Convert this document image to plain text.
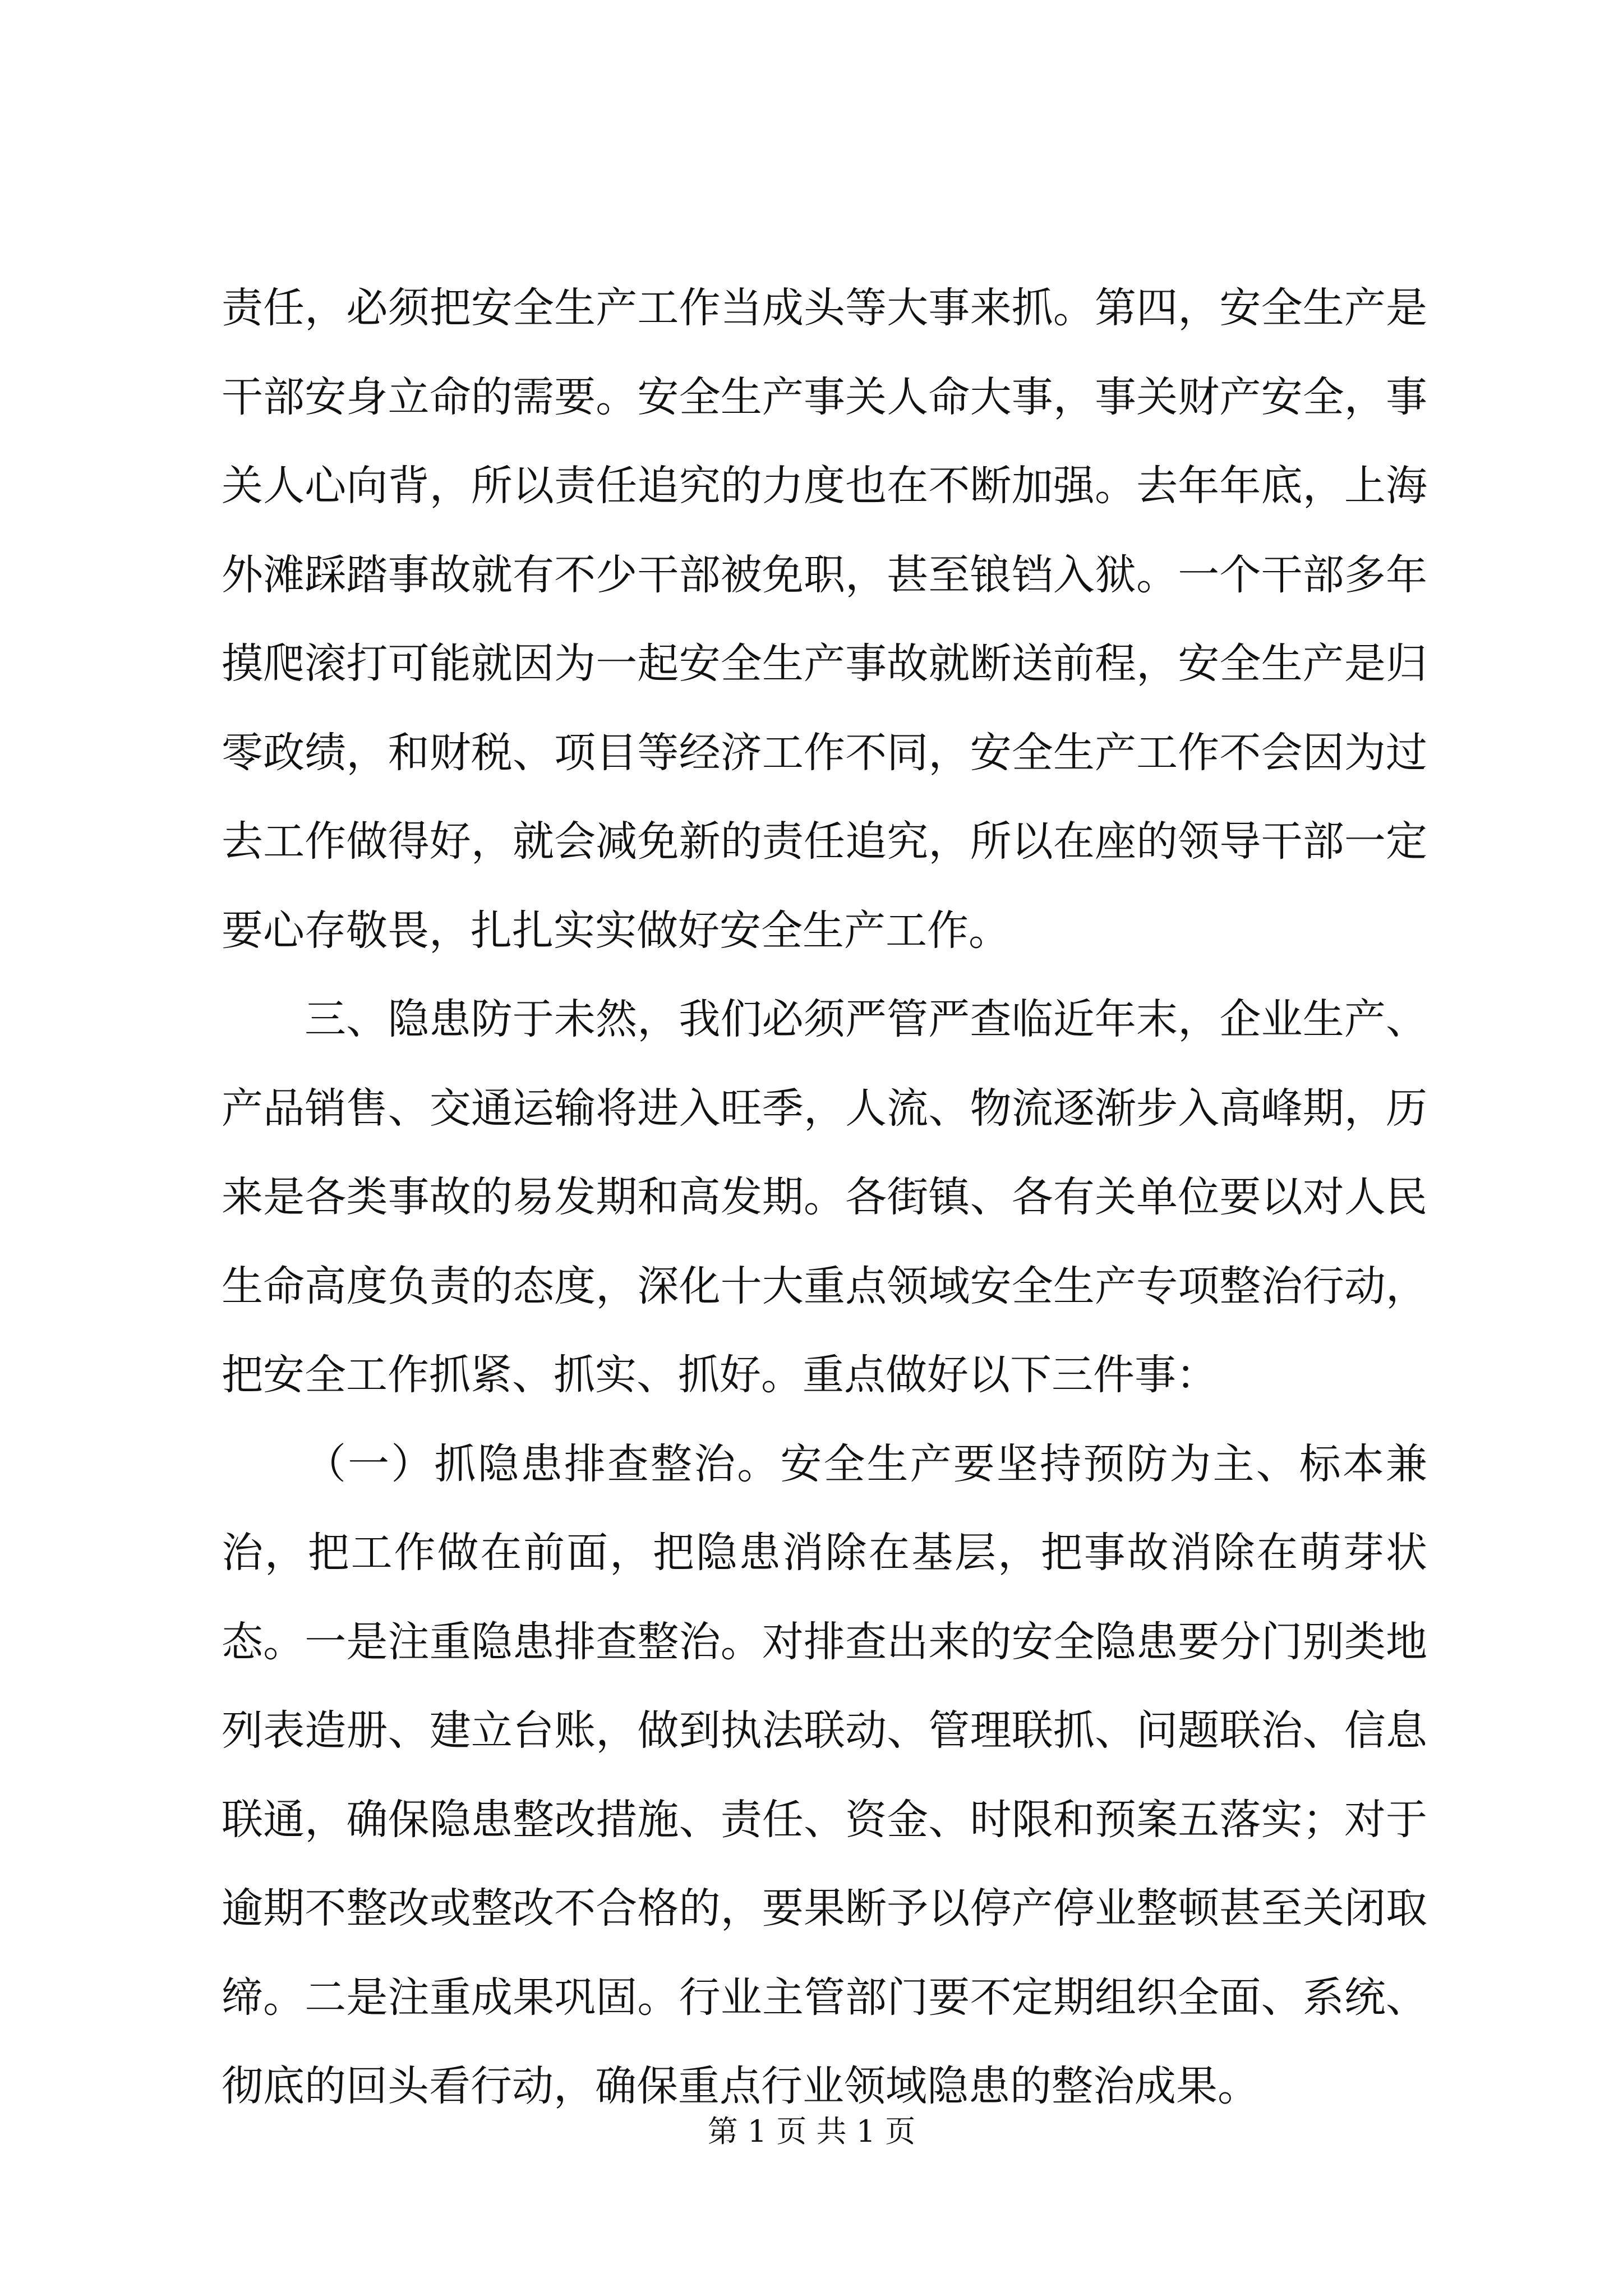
责任，必须把安全生产工作当成头等大事来抓。第四，安全生产是干部安身立命的需要。安全生产事关人命大事，事关财产安全，事关人心向背，所以责任追究的力度也在不断加强。去年年底，上海外滩踩踏事故就有不少干部被免职，甚至锒铛入狱。一个干部多年摸爬滚打可能就因为一起安全生产事故就断送前程，安全生产是归零政绩，和财税、项目等经济工作不同，安全生产工作不会因为过去工作做得好，就会减免新的责任追究，所以在座的领导干部一定要心存敬畏，扎扎实实做好安全生产工作。

三、隐患防于未然，我们必须严管严查临近年末，企业生产、产品销售、交通运输将进入旺季，人流、物流逐渐步入高峰期，历来是各类事故的易发期和高发期。各街镇、各有关单位要以对人民生命高度负责的态度，深化十大重点领域安全生产专项整治行动，把安全工作抓紧、抓实、抓好。重点做好以下三件事：

（一）抓隐患排查整治。安全生产要坚持预防为主、标本兼治，把工作做在前面，把隐患消除在基层，把事故消除在萌芽状态。一是注重隐患排查整治。对排查出来的安全隐患要分门别类地列表造册、建立台账，做到执法联动、管理联抓、问题联治、信息联通，确保隐患整改措施、责任、资金、时限和预案五落实；对于逾期不整改或整改不合格的，要果断予以停产停业整顿甚至关闭取缔。二是注重成果巩固。行业主管部门要不定期组织全面、系统、彻底的回头看行动，确保重点行业领域隐患的整治成果。

第 1 页 共 1 页
